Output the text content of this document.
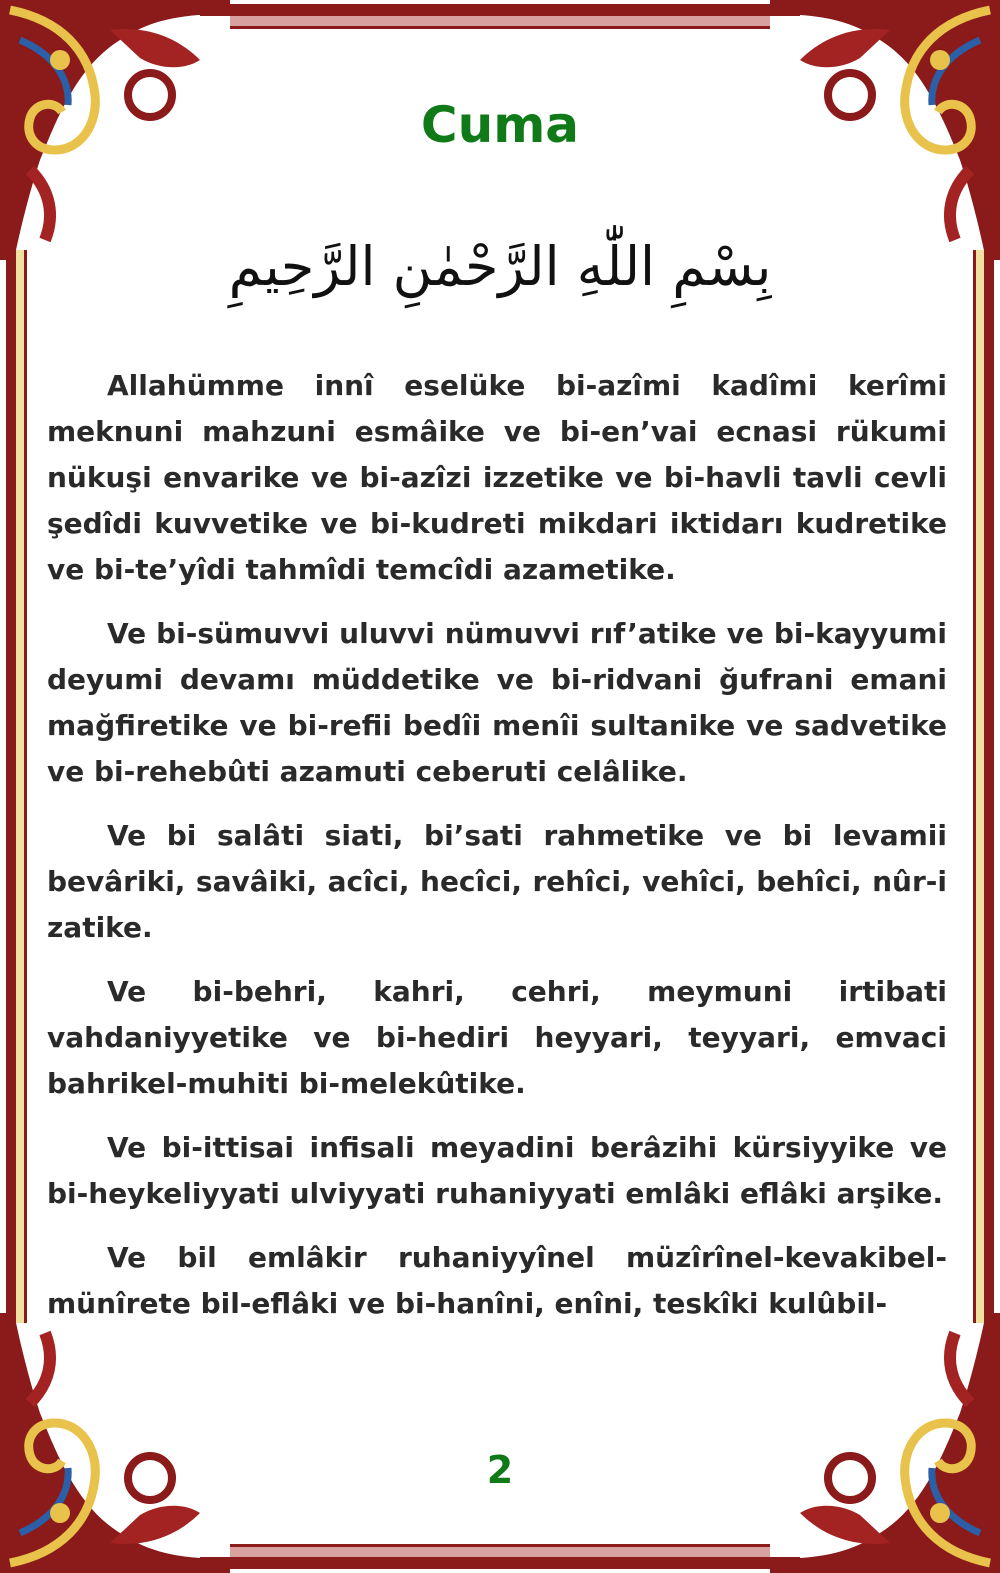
Cuma
بِسْمِ اللّٰهِ الرَّحْمٰنِ الرَّحِيمِ

Allahümme innî eselüke bi-azîmi kadîmi kerîmi meknuni mahzuni esmâike ve bi-en’vai ecnasi rükumi nükuşi envarike ve bi-azîzi izzetike ve bi-havli tavli cevli şedîdi kuvvetike ve bi-kudreti mikdari iktidarı kudretike ve bi-te’yîdi tahmîdi temcîdi azametike.

Ve bi-sümuvvi uluvvi nümuvvi rıf’atike ve bi-kayyumi deyumi devamı müddetike ve bi-ridvani ğufrani emani mağfiretike ve bi-refii bedîi menîi sultanike ve sadvetike ve bi-rehebûti azamuti ceberuti celâlike.

Ve bi salâti siati, bi’sati rahmetike ve bi levamii bevâriki, savâiki, acîci, hecîci, rehîci, vehîci, behîci, nûr-i zatike.

Ve bi-behri, kahri, cehri, meymuni irtibati vahdaniyyetike ve bi-hediri heyyari, teyyari, emvaci bahrikel-muhiti bi-melekûtike.

Ve bi-ittisai infisali meyadini berâzihi kürsiyyike ve bi-heykeliyyati ulviyyati ruhaniyyati emlâki eflâki arşike.

Ve bil emlâkir ruhaniyyînel müzîrînel-kevakibel-münîrete bil-eflâki ve bi-hanîni, enîni, teskîki kulûbil-

2
